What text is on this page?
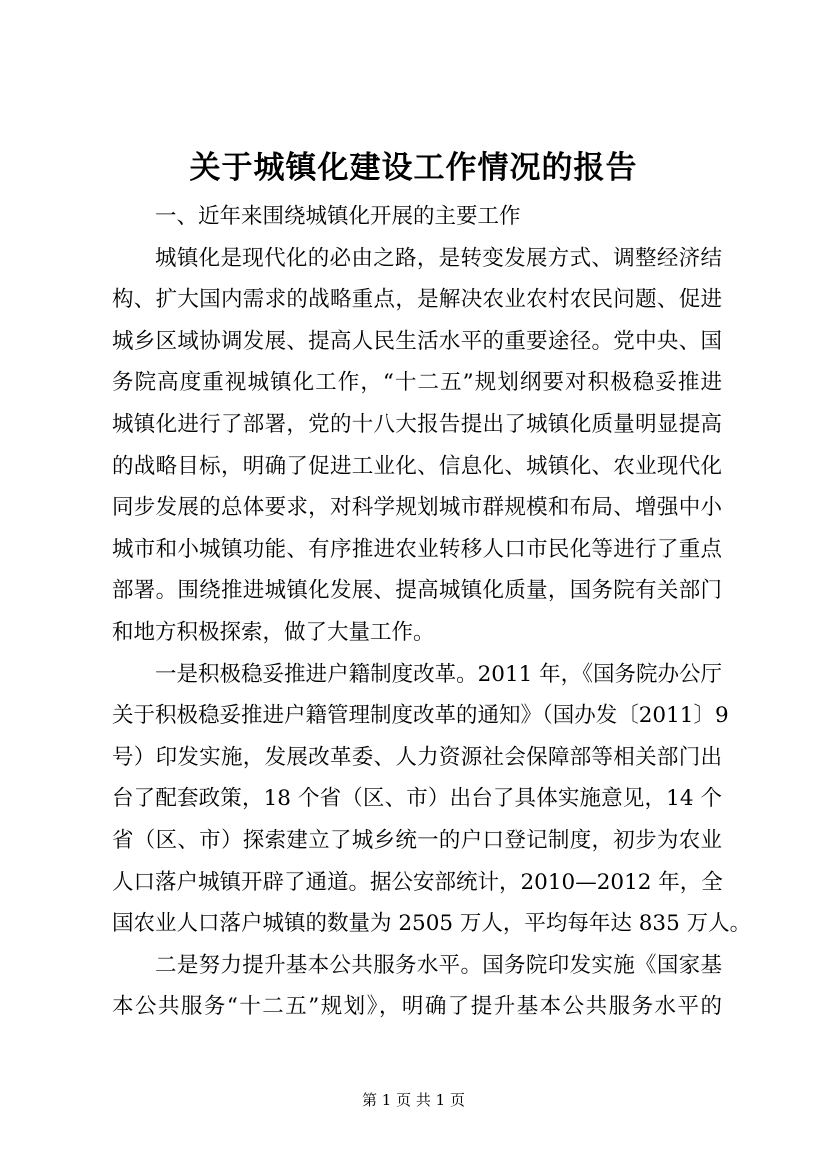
关于城镇化建设工作情况的报告
一、近年来围绕城镇化开展的主要工作
城镇化是现代化的必由之路，是转变发展方式、调整经济结
构、扩大国内需求的战略重点，是解决农业农村农民问题、促进
城乡区域协调发展、提高人民生活水平的重要途径。党中央、国
务院高度重视城镇化工作，“十二五”规划纲要对积极稳妥推进
城镇化进行了部署，党的十八大报告提出了城镇化质量明显提高
的战略目标，明确了促进工业化、信息化、城镇化、农业现代化
同步发展的总体要求，对科学规划城市群规模和布局、增强中小
城市和小城镇功能、有序推进农业转移人口市民化等进行了重点
部署。围绕推进城镇化发展、提高城镇化质量，国务院有关部门
和地方积极探索，做了大量工作。
一是积极稳妥推进户籍制度改革。2011 年，《国务院办公厅
关于积极稳妥推进户籍管理制度改革的通知》（国办发〔2011〕9
号）印发实施，发展改革委、人力资源社会保障部等相关部门出
台了配套政策，18 个省（区、市）出台了具体实施意见，14 个
省（区、市）探索建立了城乡统一的户口登记制度，初步为农业
人口落户城镇开辟了通道。据公安部统计，2010—2012 年，全
国农业人口落户城镇的数量为 2505 万人，平均每年达 835 万人。
二是努力提升基本公共服务水平。国务院印发实施《国家基
本公共服务“十二五”规划》，明确了提升基本公共服务水平的
第 1 页 共 1 页
